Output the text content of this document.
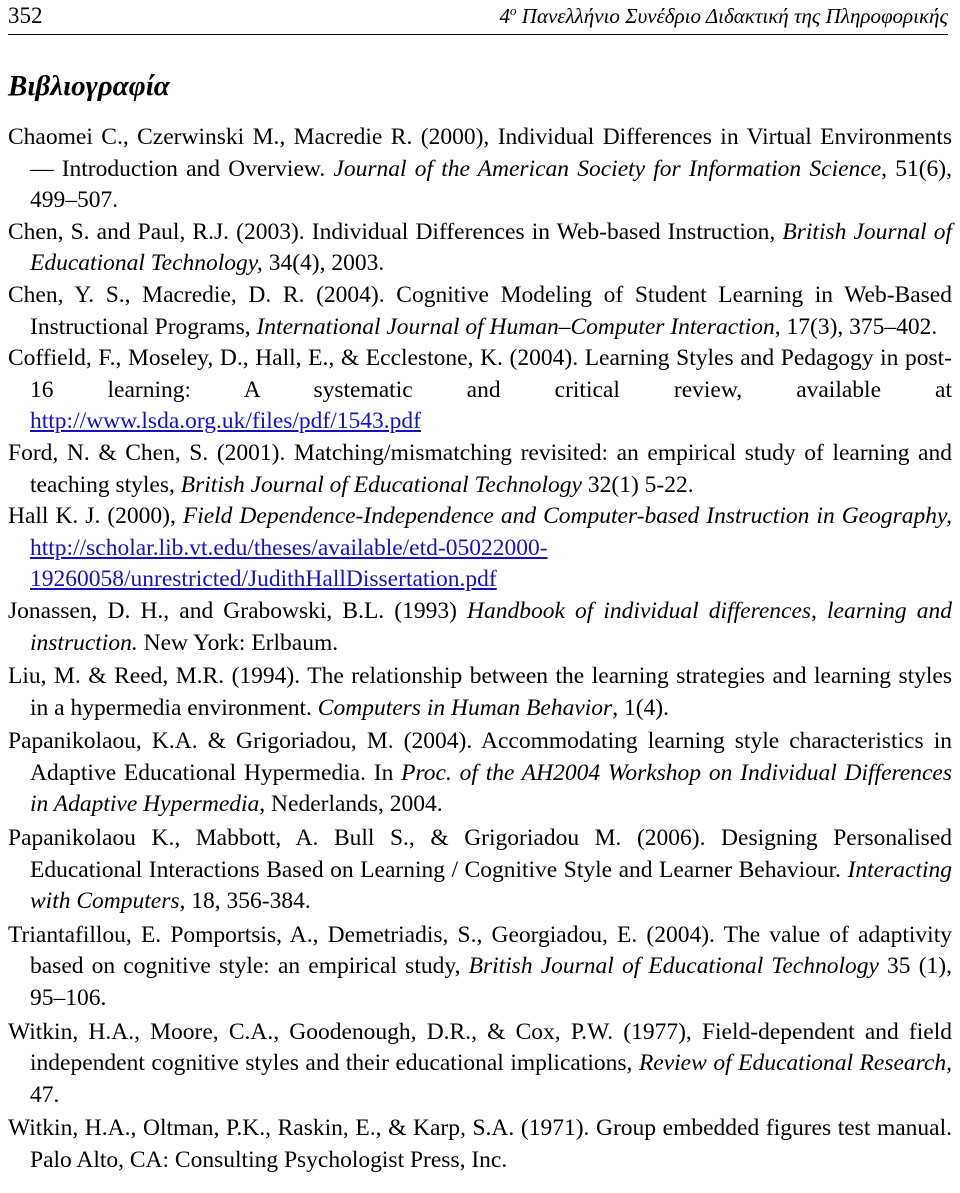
352	$4^o$ Πανελλήνιο Συνέδριο Διδακτική της Πληροφορικής
Βιβλιογραφία
Chaomei C., Czerwinski M., Macredie R. (2000), Individual Differences in Virtual Environments — Introduction and Overview. Journal of the American Society for Information Science, 51(6), 499–507.
Chen, S. and Paul, R.J. (2003). Individual Differences in Web-based Instruction, British Journal of Educational Technology, 34(4), 2003.
Chen, Y. S., Macredie, D. R. (2004). Cognitive Modeling of Student Learning in Web-Based Instructional Programs, International Journal of Human–Computer Interaction, 17(3), 375–402.
Coffield, F., Moseley, D., Hall, E., & Ecclestone, K. (2004). Learning Styles and Pedagogy in post-16 learning: A systematic and critical review, available at http://www.lsda.org.uk/files/pdf/1543.pdf
Ford, N. & Chen, S. (2001). Matching/mismatching revisited: an empirical study of learning and teaching styles, British Journal of Educational Technology 32(1) 5-22.
Hall K. J. (2000), Field Dependence-Independence and Computer-based Instruction in Geography, http://scholar.lib.vt.edu/theses/available/etd-05022000-19260058/unrestricted/JudithHallDissertation.pdf
Jonassen, D. H., and Grabowski, B.L. (1993) Handbook of individual differences, learning and instruction. New York: Erlbaum.
Liu, M. & Reed, M.R. (1994). The relationship between the learning strategies and learning styles in a hypermedia environment. Computers in Human Behavior, 1(4).
Papanikolaou, K.A. & Grigoriadou, M. (2004). Accommodating learning style characteristics in Adaptive Educational Hypermedia. In Proc. of the AH2004 Workshop on Individual Differences in Adaptive Hypermedia, Nederlands, 2004.
Papanikolaou K., Mabbott, A. Bull S., & Grigoriadou M. (2006). Designing Personalised Educational Interactions Based on Learning / Cognitive Style and Learner Behaviour. Interacting with Computers, 18, 356-384.
Triantafillou, E. Pomportsis, A., Demetriadis, S., Georgiadou, E. (2004). The value of adaptivity based on cognitive style: an empirical study, British Journal of Educational Technology 35 (1), 95–106.
Witkin, H.A., Moore, C.A., Goodenough, D.R., & Cox, P.W. (1977), Field-dependent and field independent cognitive styles and their educational implications, Review of Educational Research, 47.
Witkin, H.A., Oltman, P.K., Raskin, E., & Karp, S.A. (1971). Group embedded figures test manual. Palo Alto, CA: Consulting Psychologist Press, Inc.
